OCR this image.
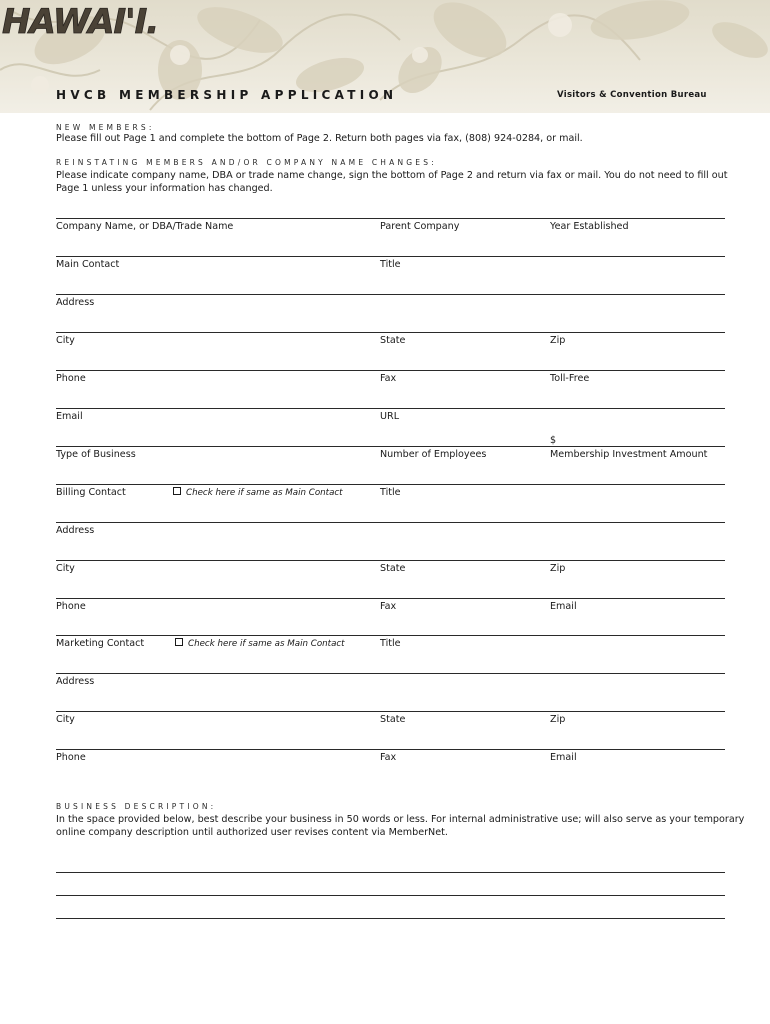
HVCB MEMBERSHIP APPLICATION
HAWAI'I.
Visitors & Convention Bureau
NEW MEMBERS:
Please fill out Page 1 and complete the bottom of Page 2. Return both pages via fax, (808) 924-0284, or mail.
REINSTATING MEMBERS AND/OR COMPANY NAME CHANGES:
Please indicate company name, DBA or trade name change, sign the bottom of Page 2 and return via fax or mail. You do not need to fill out Page 1 unless your information has changed.
Company Name, or DBA/Trade Name	Parent Company	Year Established
Main Contact	Title
Address
City	State	Zip
Phone	Fax	Toll-Free
Email	URL
$
Type of Business	Number of Employees	Membership Investment Amount
Billing Contact	Check here if same as Main Contact	Title
Address
City	State	Zip
Phone	Fax	Email
Marketing Contact	Check here if same as Main Contact	Title
Address
City	State	Zip
Phone	Fax	Email
BUSINESS DESCRIPTION:
In the space provided below, best describe your business in 50 words or less. For internal administrative use; will also serve as your temporary online company description until authorized user revises content via MemberNet.
